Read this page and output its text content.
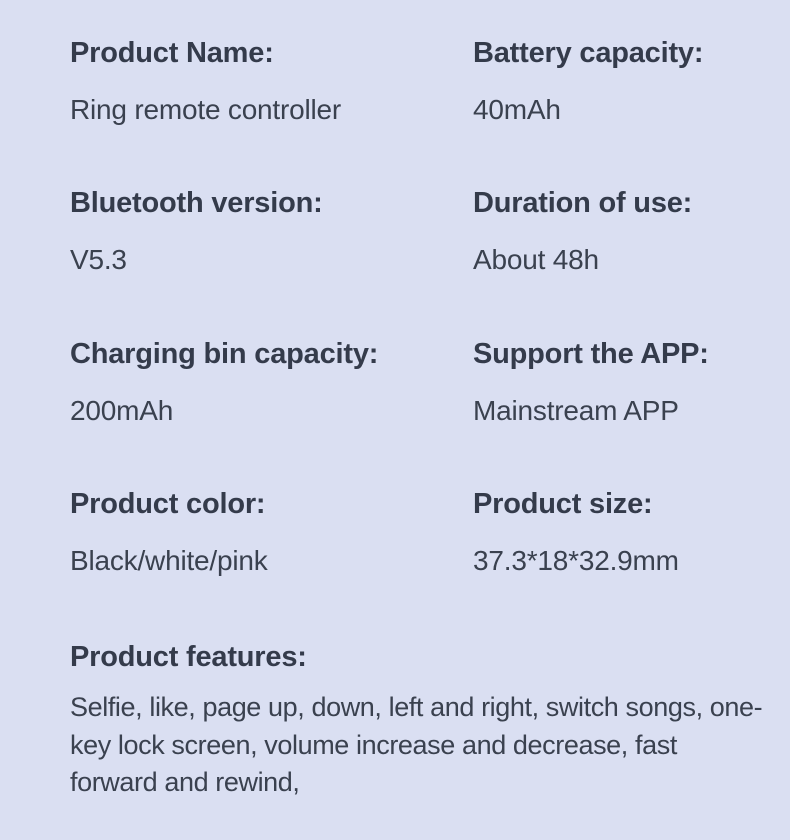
Product Name:
Ring remote controller
Battery capacity:
40mAh
Bluetooth version:
V5.3
Duration of use:
About 48h
Charging bin capacity:
200mAh
Support the APP:
Mainstream APP
Product color:
Black/white/pink
Product size:
37.3*18*32.9mm
Product features:

Selfie, like, page up, down, left and right, switch songs, one-key lock screen, volume increase and decrease, fast forward and rewind,
